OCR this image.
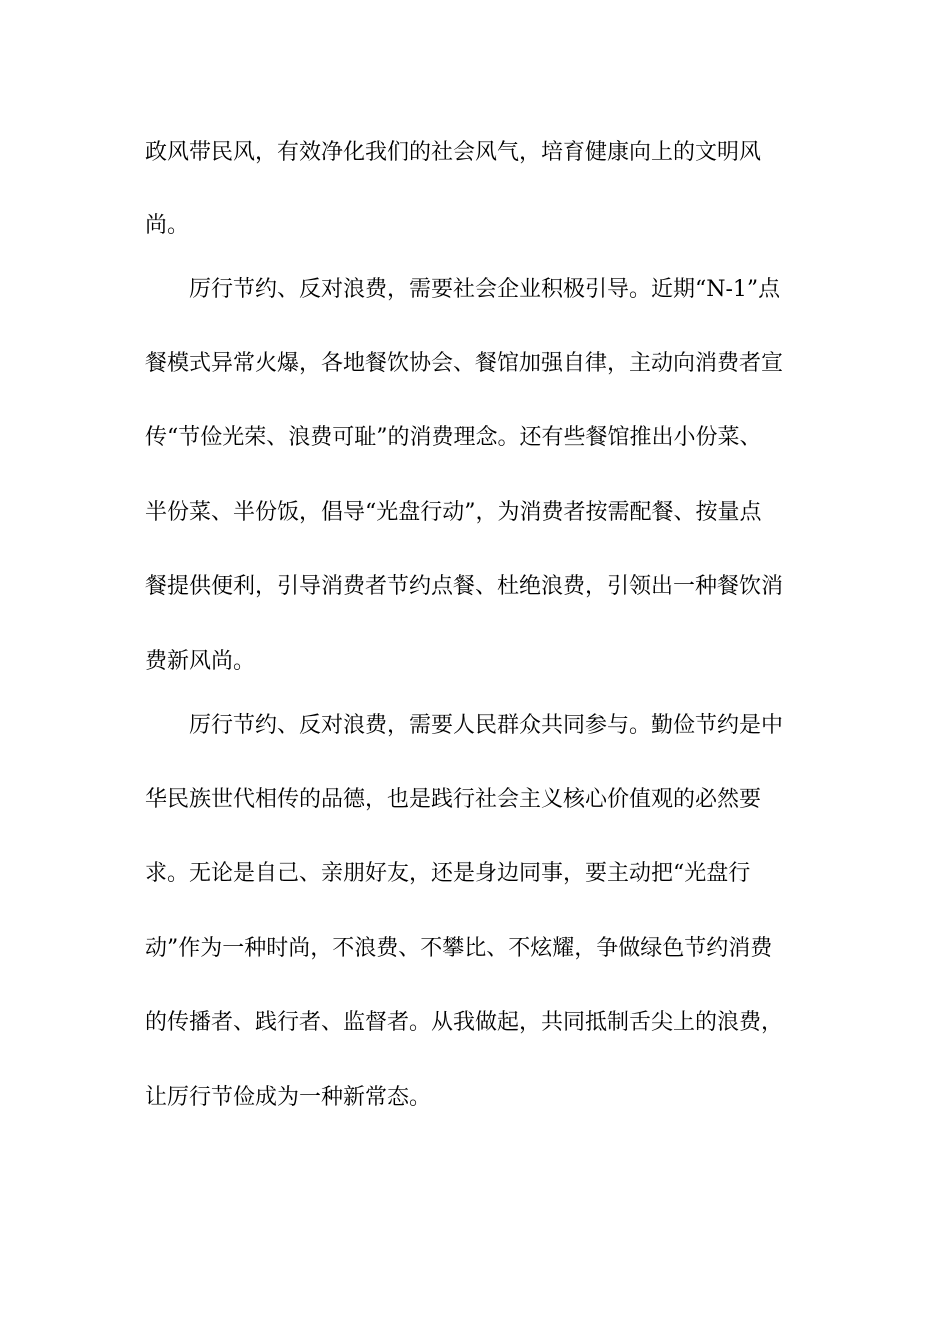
政风带民风，有效净化我们的社会风气，培育健康向上的文明风
尚。
厉行节约、反对浪费，需要社会企业积极引导。近期“N-1”点
餐模式异常火爆，各地餐饮协会、餐馆加强自律，主动向消费者宣
传“节俭光荣、浪费可耻”的消费理念。还有些餐馆推出小份菜、
半份菜、半份饭，倡导“光盘行动”，为消费者按需配餐、按量点
餐提供便利，引导消费者节约点餐、杜绝浪费，引领出一种餐饮消
费新风尚。
厉行节约、反对浪费，需要人民群众共同参与。勤俭节约是中
华民族世代相传的品德，也是践行社会主义核心价值观的必然要
求。无论是自己、亲朋好友，还是身边同事，要主动把“光盘行
动”作为一种时尚，不浪费、不攀比、不炫耀，争做绿色节约消费
的传播者、践行者、监督者。从我做起，共同抵制舌尖上的浪费，
让厉行节俭成为一种新常态。
